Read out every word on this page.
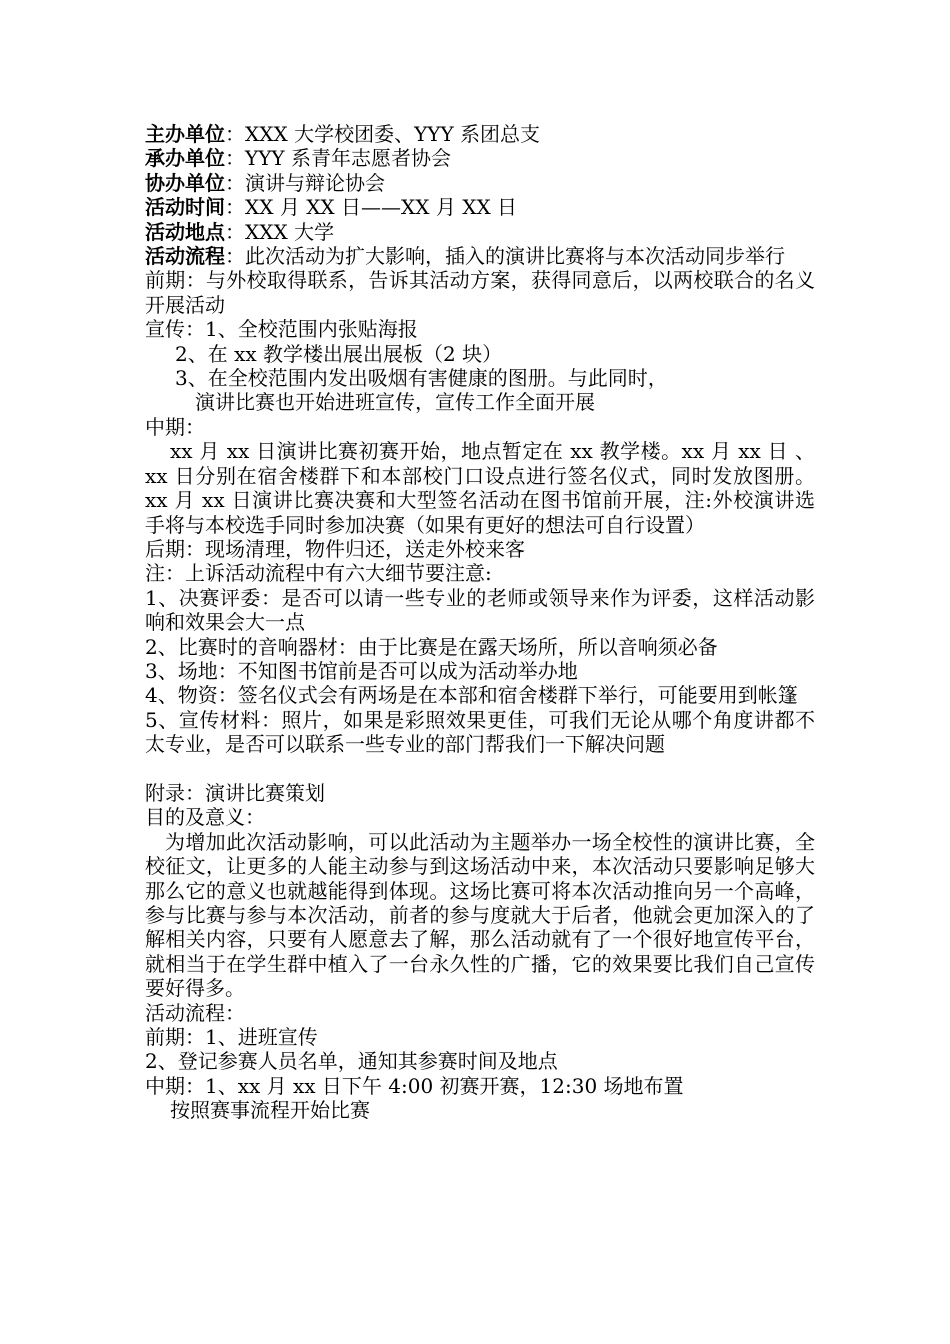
主办单位：XXX 大学校团委、YYY 系团总支
承办单位：YYY 系青年志愿者协会
协办单位：演讲与辩论协会
活动时间：XX 月 XX 日——XX 月 XX 日
活动地点：XXX 大学
活动流程：此次活动为扩大影响，插入的演讲比赛将与本次活动同步举行
前期：与外校取得联系，告诉其活动方案，获得同意后，以两校联合的名义开展活动
宣传：1、全校范围内张贴海报
2、在 xx 教学楼出展出展板（2 块）
3、在全校范围内发出吸烟有害健康的图册。与此同时，
演讲比赛也开始进班宣传，宣传工作全面开展
中期：
xx 月 xx 日演讲比赛初赛开始，地点暂定在 xx 教学楼。xx 月 xx 日 、xx 日分别在宿舍楼群下和本部校门口设点进行签名仪式，同时发放图册。xx 月 xx 日演讲比赛决赛和大型签名活动在图书馆前开展，注:外校演讲选手将与本校选手同时参加决赛（如果有更好的想法可自行设置）
后期：现场清理，物件归还，送走外校来客
注：上诉活动流程中有六大细节要注意:
1、决赛评委：是否可以请一些专业的老师或领导来作为评委，这样活动影响和效果会大一点
2、比赛时的音响器材：由于比赛是在露天场所，所以音响须必备
3、场地：不知图书馆前是否可以成为活动举办地
4、物资：签名仪式会有两场是在本部和宿舍楼群下举行，可能要用到帐篷
5、宣传材料：照片，如果是彩照效果更佳，可我们无论从哪个角度讲都不太专业，是否可以联系一些专业的部门帮我们一下解决问题
附录：演讲比赛策划
目的及意义：
为增加此次活动影响，可以此活动为主题举办一场全校性的演讲比赛，全校征文，让更多的人能主动参与到这场活动中来，本次活动只要影响足够大那么它的意义也就越能得到体现。这场比赛可将本次活动推向另一个高峰，参与比赛与参与本次活动，前者的参与度就大于后者，他就会更加深入的了解相关内容，只要有人愿意去了解，那么活动就有了一个很好地宣传平台，就相当于在学生群中植入了一台永久性的广播，它的效果要比我们自己宣传要好得多。
活动流程：
前期：1、进班宣传
2、登记参赛人员名单，通知其参赛时间及地点
中期：1、xx 月 xx 日下午 4:00 初赛开赛，12:30 场地布置
按照赛事流程开始比赛
